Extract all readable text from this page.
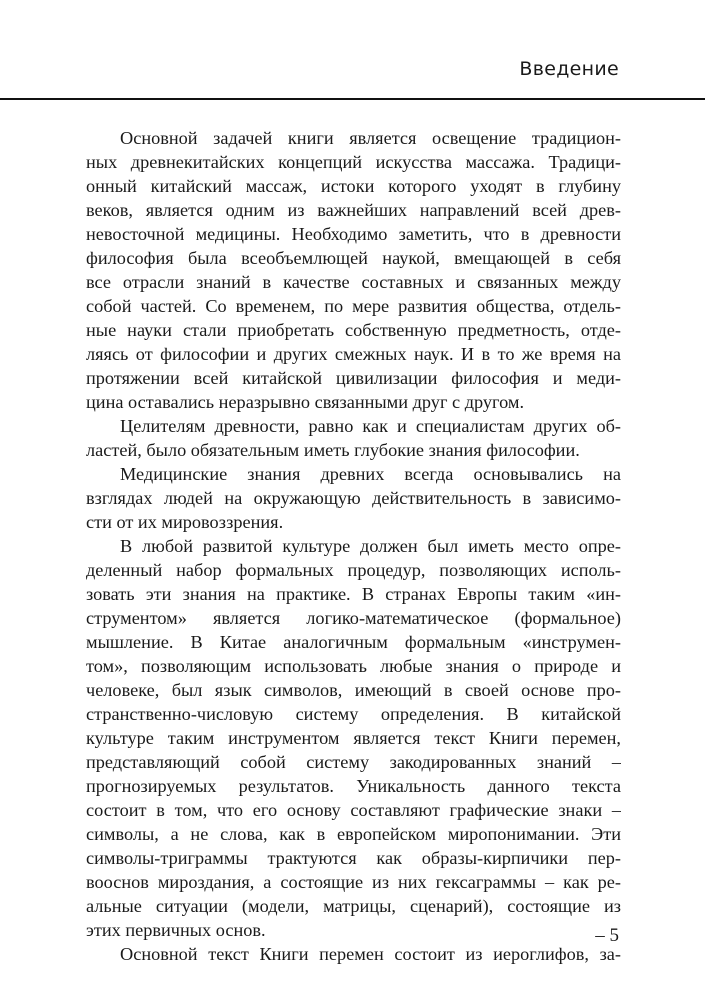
Введение
Основной задачей книги является освещение традицион-
ных древнекитайских концепций искусства массажа. Традици-
онный китайский массаж, истоки которого уходят в глубину
веков, является одним из важнейших направлений всей древ-
невосточной медицины. Необходимо заметить, что в древности
философия была всеобъемлющей наукой, вмещающей в себя
все отрасли знаний в качестве составных и связанных между
собой частей. Со временем, по мере развития общества, отдель-
ные науки стали приобретать собственную предметность, отде-
ляясь от философии и других смежных наук. И в то же время на
протяжении всей китайской цивилизации философия и меди-
цина оставались неразрывно связанными друг с другом.
Целителям древности, равно как и специалистам других об-
ластей, было обязательным иметь глубокие знания философии.
Медицинские знания древних всегда основывались на
взглядах людей на окружающую действительность в зависимо-
сти от их мировоззрения.
В любой развитой культуре должен был иметь место опре-
деленный набор формальных процедур, позволяющих исполь-
зовать эти знания на практике. В странах Европы таким «ин-
струментом» является логико-математическое (формальное)
мышление. В Китае аналогичным формальным «инструмен-
том», позволяющим использовать любые знания о природе и
человеке, был язык символов, имеющий в своей основе про-
странственно-числовую систему определения. В китайской
культуре таким инструментом является текст Книги перемен,
представляющий собой систему закодированных знаний –
прогнозируемых результатов. Уникальность данного текста
состоит в том, что его основу составляют графические знаки –
символы, а не слова, как в европейском миропонимании. Эти
символы-триграммы трактуются как образы-кирпичики пер-
вооснов мироздания, а состоящие из них гексаграммы – как ре-
альные ситуации (модели, матрицы, сценарий), состоящие из
этих первичных основ.
Основной текст Книги перемен состоит из иероглифов, за-
– 5
